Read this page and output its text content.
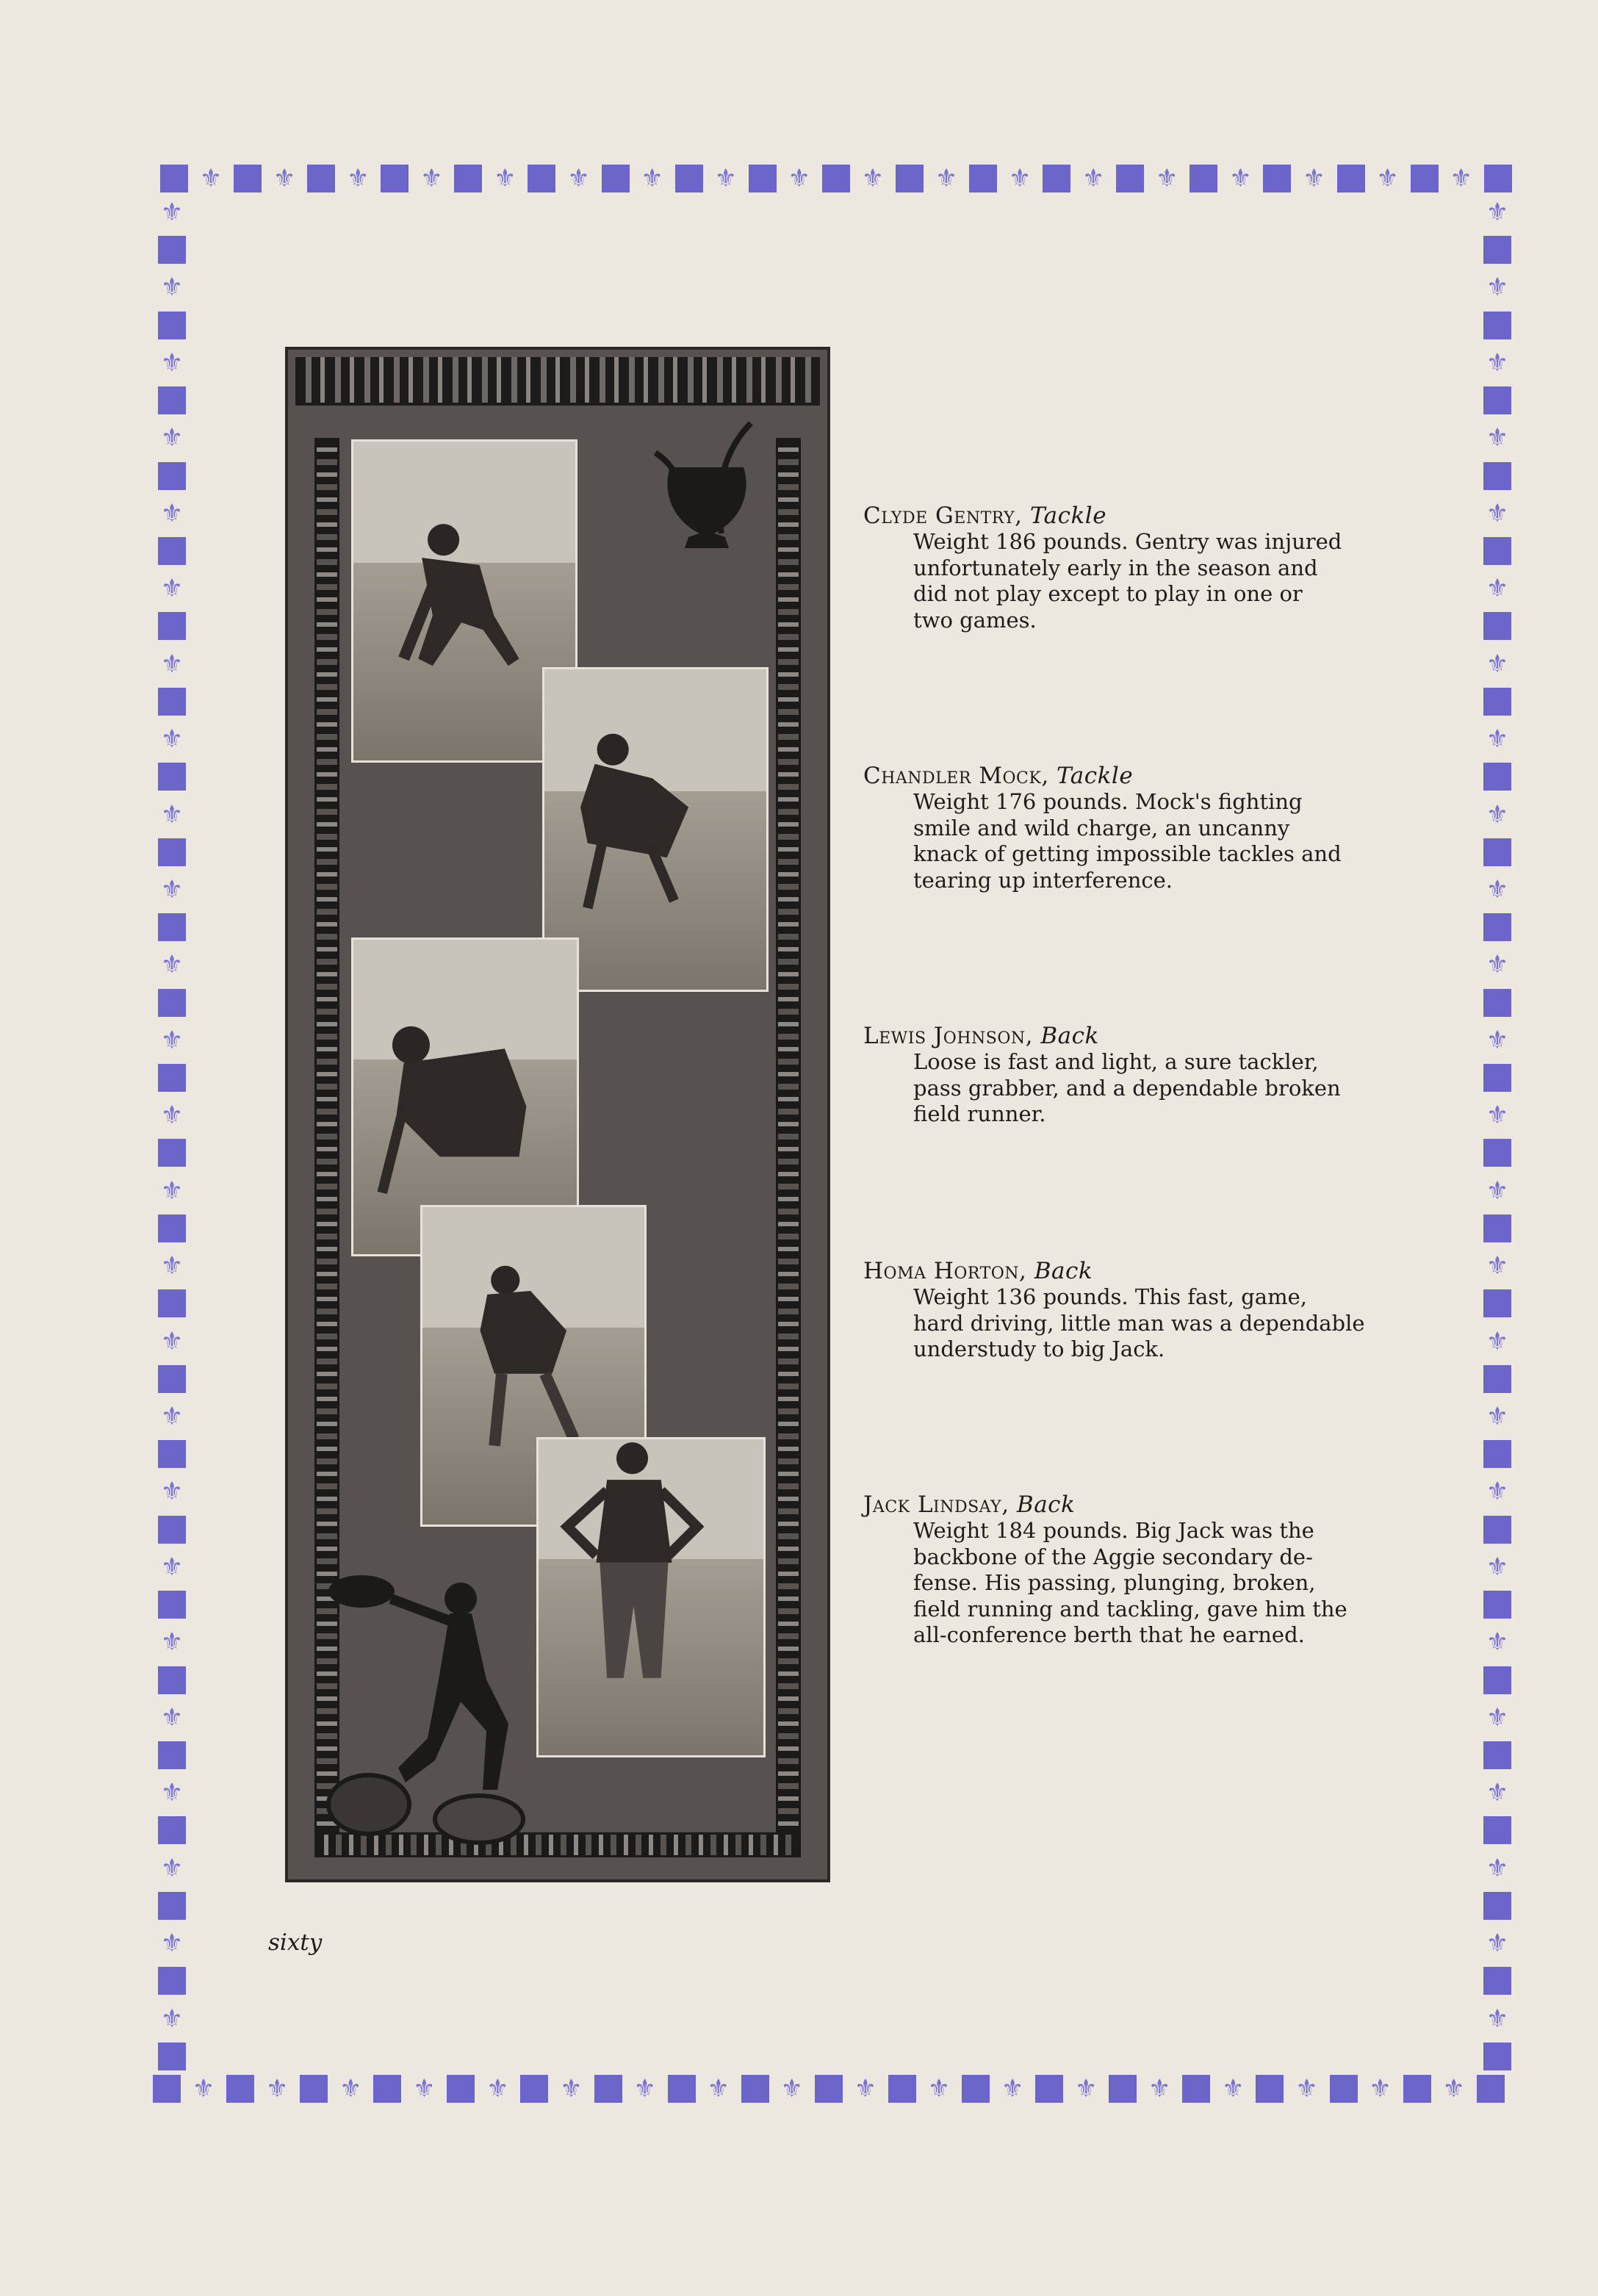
⚜ ⚜ ⚜ ⚜ ⚜ ⚜ ⚜ ⚜ ⚜ ⚜ ⚜ ⚜ ⚜ ⚜ ⚜ ⚜ ⚜ ⚜
⚜ ⚜ ⚜ ⚜ ⚜ ⚜ ⚜ ⚜ ⚜ ⚜ ⚜ ⚜ ⚜ ⚜ ⚜ ⚜ ⚜ ⚜
⚜
⚜
⚜
⚜
⚜
⚜
⚜
⚜
⚜
⚜
⚜
⚜
⚜
⚜
⚜
⚜
⚜
⚜
⚜
⚜
⚜
⚜
⚜
⚜
⚜
⚜
⚜
⚜
⚜
⚜
⚜
⚜
⚜
⚜
⚜
⚜
⚜
⚜
⚜
⚜
⚜
⚜
⚜
⚜
⚜
⚜
⚜
⚜
⚜
⚜
Clyde Gentry, Tackle
Weight 186 pounds. Gentry was injured
unfortunately early in the season and
did not play except to play in one or
two games.
Chandler Mock, Tackle
Weight 176 pounds. Mock's fighting
smile and wild charge, an uncanny
knack of getting impossible tackles and
tearing up interference.
Lewis Johnson, Back
Loose is fast and light, a sure tackler,
pass grabber, and a dependable broken
field runner.
Homa Horton, Back
Weight 136 pounds. This fast, game,
hard driving, little man was a dependable
understudy to big Jack.
Jack Lindsay, Back
Weight 184 pounds. Big Jack was the
backbone of the Aggie secondary de-
fense. His passing, plunging, broken,
field running and tackling, gave him the
all-conference berth that he earned.
sixty
